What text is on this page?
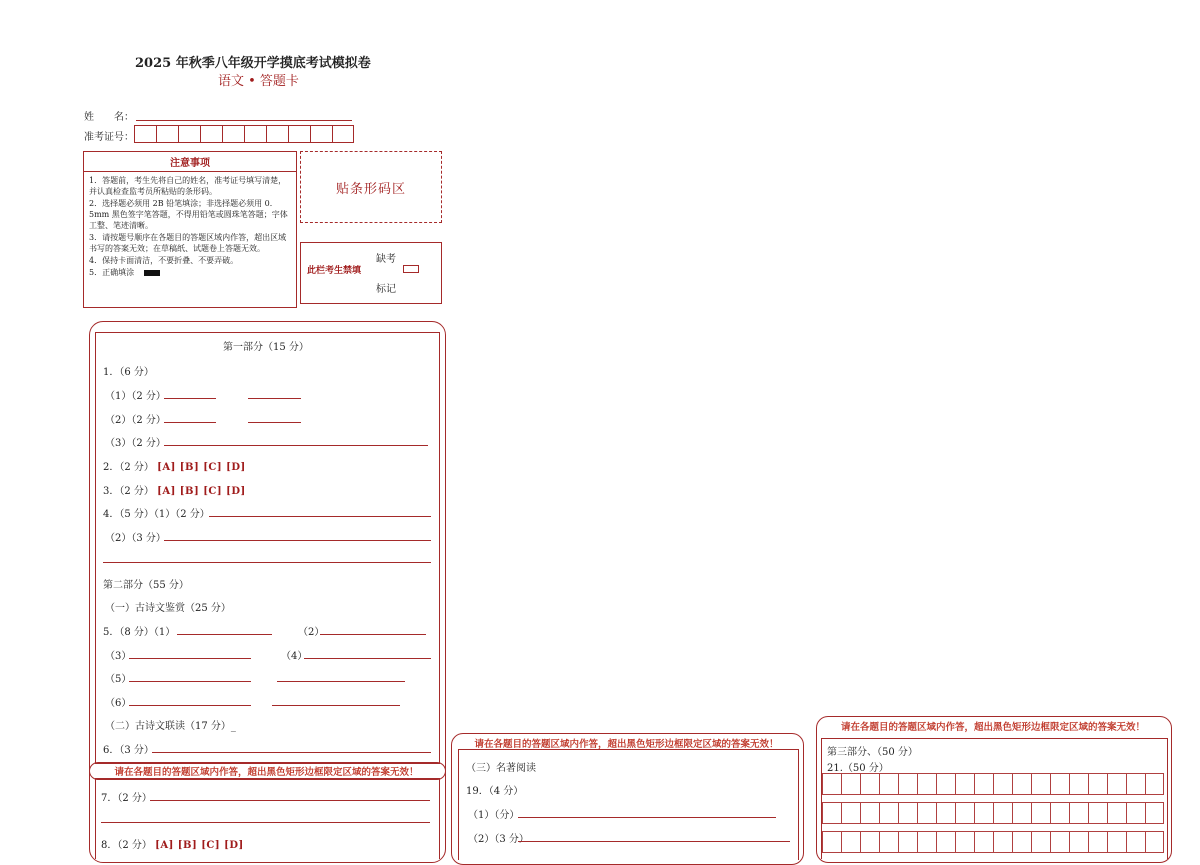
2025 年秋季八年级开学摸底考试模拟卷
语文 • 答题卡
姓　　名：
准考证号：
注意事项
1．答题前，考生先将自己的姓名，准考证号填写清楚，并认真检查监考员所粘贴的条形码。
2．选择题必须用 2B 铅笔填涂；非选择题必须用 0．5mm 黑色签字笔答题，不得用铅笔或圆珠笔答题；字体工整、笔迹清晰。
3．请按题号顺序在各题目的答题区域内作答，超出区域书写的答案无效；在草稿纸、试题卷上答题无效。
4．保持卡面清洁，不要折叠、不要弄破。
5．正确填涂
贴条形码区
此栏考生禁填
缺考
标记
第一部分（15 分）
1．（6 分）
（1）（2 分）
（2）（2 分）
（3）（2 分）
2．（2 分） [A] [B] [C] [D]
3．（2 分） [A] [B] [C] [D]
4．（5 分）（1）（2 分）
（2）（3 分）
第二部分（55 分）
（一）古诗文鉴赏（25 分）
5．（8 分）（1）	（2）
（3）	（4）
（5）
（6）
（二）古诗文联读（17 分）_
6．（3 分）
请在各题目的答题区域内作答，超出黑色矩形边框限定区域的答案无效！
7．（2 分）
8．（2 分） [A] [B] [C] [D]
请在各题目的答题区域内作答，超出黑色矩形边框限定区域的答案无效！
（三）名著阅读
19．（4 分）
（1）（分）
（2）（3 分）
请在各题目的答题区域内作答，超出黑色矩形边框限定区域的答案无效！
第三部分、（50 分）
21.（50 分）
